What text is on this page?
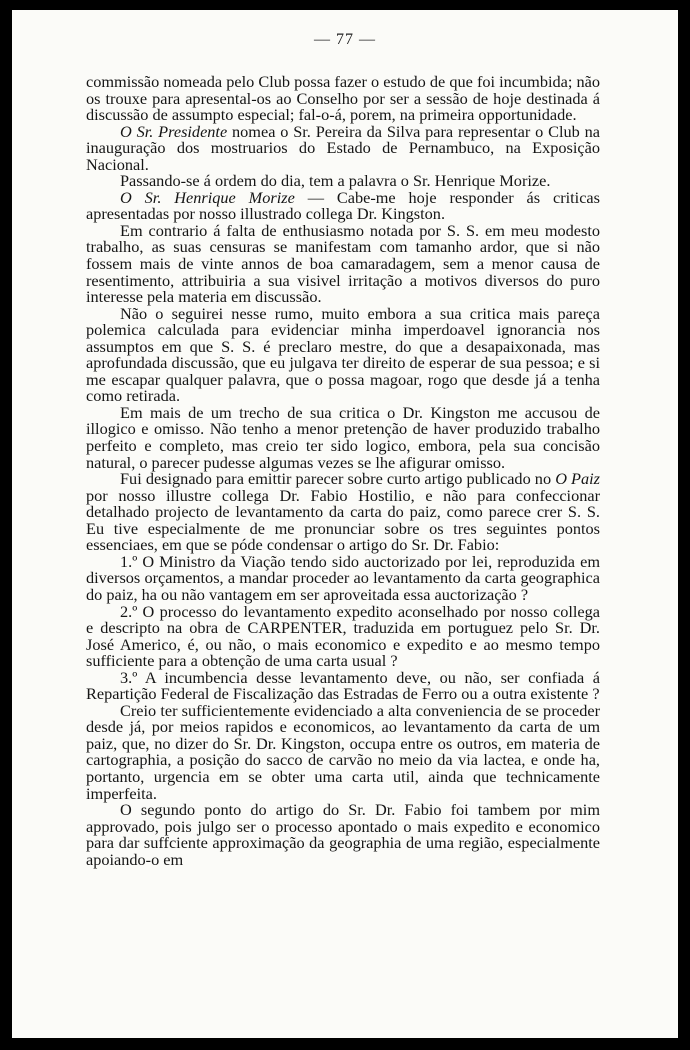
— 77 —

commissão nomeada pelo Club possa fazer o estudo de que foi incumbida; não os trouxe para apresental-os ao Conselho por ser a sessão de hoje destinada á discussão de assumpto especial; fal-o-á, porem, na primeira opportunidade.

O Sr. Presidente nomea o Sr. Pereira da Silva para representar o Club na inauguração dos mostruarios do Estado de Pernambuco, na Exposição Nacional.

Passando-se á ordem do dia, tem a palavra o Sr. Henrique Morize.

O Sr. Henrique Morize — Cabe-me hoje responder ás criticas apresentadas por nosso illustrado collega Dr. Kingston.

Em contrario á falta de enthusiasmo notada por S. S. em meu modesto trabalho, as suas censuras se manifestam com tamanho ardor, que si não fossem mais de vinte annos de boa camaradagem, sem a menor causa de resentimento, attribuiria a sua visivel irritação a motivos diversos do puro interesse pela materia em discussão.

Não o seguirei nesse rumo, muito embora a sua critica mais pareça polemica calculada para evidenciar minha imperdoavel ignorancia nos assumptos em que S. S. é preclaro mestre, do que a desapaixonada, mas aprofundada discussão, que eu julgava ter direito de esperar de sua pessoa; e si me escapar qualquer palavra, que o possa magoar, rogo que desde já a tenha como retirada.

Em mais de um trecho de sua critica o Dr. Kingston me accusou de illogico e omisso. Não tenho a menor pretenção de haver produzido trabalho perfeito e completo, mas creio ter sido logico, embora, pela sua concisão natural, o parecer pudesse algumas vezes se lhe afigurar omisso.

Fui designado para emittir parecer sobre curto artigo publicado no O Paiz por nosso illustre collega Dr. Fabio Hostilio, e não para confeccionar detalhado projecto de levantamento da carta do paiz, como parece crer S. S. Eu tive especialmente de me pronunciar sobre os tres seguintes pontos essenciaes, em que se póde condensar o artigo do Sr. Dr. Fabio:

1.º O Ministro da Viação tendo sido auctorizado por lei, reproduzida em diversos orçamentos, a mandar proceder ao levantamento da carta geographica do paiz, ha ou não vantagem em ser aproveitada essa auctorização ?

2.º O processo do levantamento expedito aconselhado por nosso collega e descripto na obra de CARPENTER, traduzida em portuguez pelo Sr. Dr. José Americo, é, ou não, o mais economico e expedito e ao mesmo tempo sufficiente para a obtenção de uma carta usual ?

3.º A incumbencia desse levantamento deve, ou não, ser confiada á Repartição Federal de Fiscalização das Estradas de Ferro ou a outra existente ?

Creio ter sufficientemente evidenciado a alta conveniencia de se proceder desde já, por meios rapidos e economicos, ao levantamento da carta de um paiz, que, no dizer do Sr. Dr. Kingston, occupa entre os outros, em materia de cartographia, a posição do sacco de carvão no meio da via lactea, e onde ha, portanto, urgencia em se obter uma carta util, ainda que technicamente imperfeita.

O segundo ponto do artigo do Sr. Dr. Fabio foi tambem por mim approvado, pois julgo ser o processo apontado o mais expedito e economico para dar suffciente approximação da geographia de uma região, especialmente apoiando-o em
